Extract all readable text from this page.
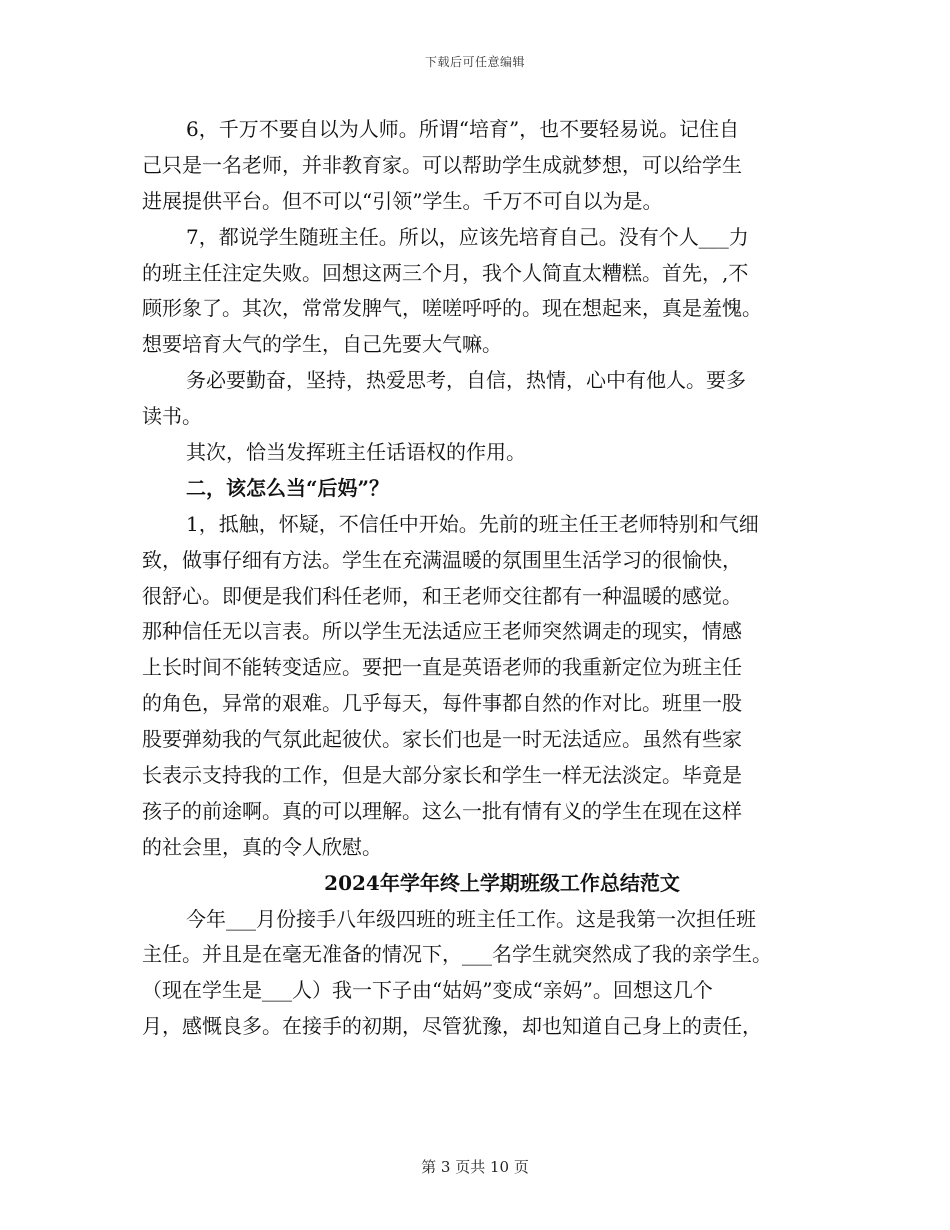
下载后可任意编辑
6，千万不要自以为人师。所谓“培育”，也不要轻易说。记住自
己只是一名老师，并非教育家。可以帮助学生成就梦想，可以给学生
进展提供平台。但不可以“引领”学生。千万不可自以为是。
7，都说学生随班主任。所以，应该先培育自己。没有个人___力
的班主任注定失败。回想这两三个月，我个人简直太糟糕。首先，,不
顾形象了。其次，常常发脾气，嗟嗟呼呼的。现在想起来，真是羞愧。
想要培育大气的学生，自己先要大气嘛。
务必要勤奋，坚持，热爱思考，自信，热情，心中有他人。要多
读书。
其次，恰当发挥班主任话语权的作用。
二，该怎么当“后妈”？
1，抵触，怀疑，不信任中开始。先前的班主任王老师特别和气细
致，做事仔细有方法。学生在充满温暖的氛围里生活学习的很愉快，
很舒心。即便是我们科任老师，和王老师交往都有一种温暖的感觉。
那种信任无以言表。所以学生无法适应王老师突然调走的现实，情感
上长时间不能转变适应。要把一直是英语老师的我重新定位为班主任
的角色，异常的艰难。几乎每天，每件事都自然的作对比。班里一股
股要弹劾我的气氛此起彼伏。家长们也是一时无法适应。虽然有些家
长表示支持我的工作，但是大部分家长和学生一样无法淡定。毕竟是
孩子的前途啊。真的可以理解。这么一批有情有义的学生在现在这样
的社会里，真的令人欣慰。
2024年学年终上学期班级工作总结范文
今年___月份接手八年级四班的班主任工作。这是我第一次担任班
主任。并且是在毫无准备的情况下，___名学生就突然成了我的亲学生。
（现在学生是___人）我一下子由“姑妈”变成“亲妈”。回想这几个
月，感慨良多。在接手的初期，尽管犹豫，却也知道自己身上的责任，
第 3 页共 10 页
